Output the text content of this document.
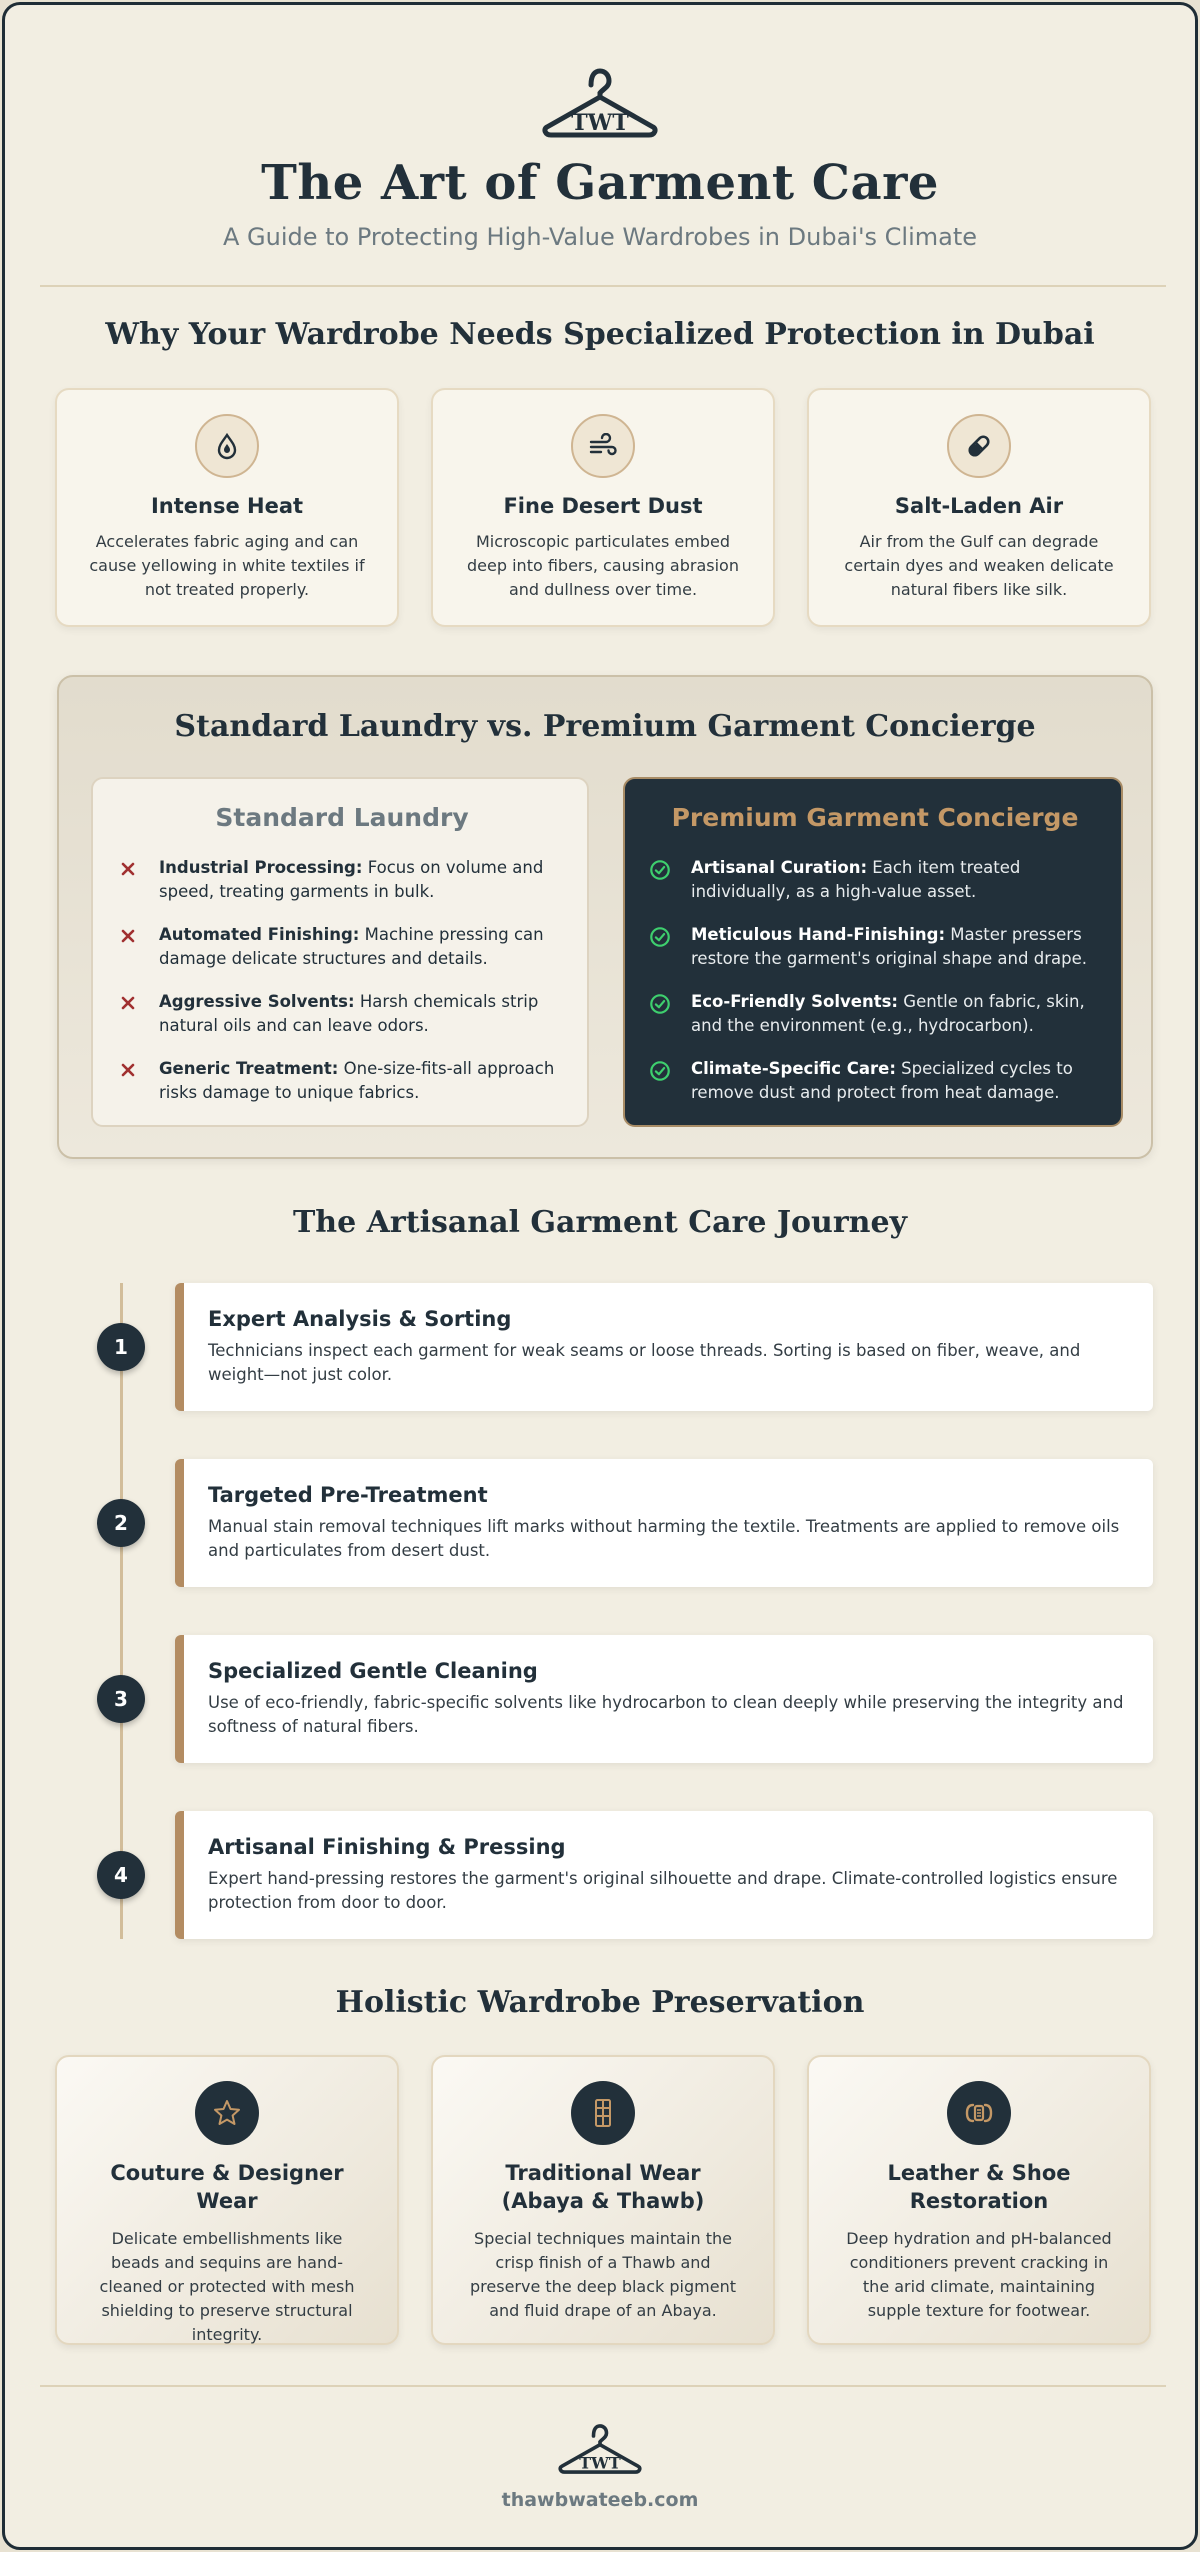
TWT
The Art of Garment Care
A Guide to Protecting High-Value Wardrobes in Dubai's Climate
Why Your Wardrobe Needs Specialized Protection in Dubai
Intense Heat
Accelerates fabric aging and can cause yellowing in white textiles if not treated properly.
Fine Desert Dust
Microscopic particulates embed deep into fibers, causing abrasion and dullness over time.
Salt-Laden Air
Air from the Gulf can degrade certain dyes and weaken delicate natural fibers like silk.
Standard Laundry vs. Premium Garment Concierge
Standard Laundry
Industrial Processing: Focus on volume and speed, treating garments in bulk.
Automated Finishing: Machine pressing can damage delicate structures and details.
Aggressive Solvents: Harsh chemicals strip natural oils and can leave odors.
Generic Treatment: One-size-fits-all approach risks damage to unique fabrics.
Premium Garment Concierge
Artisanal Curation: Each item treated individually, as a high-value asset.
Meticulous Hand-Finishing: Master pressers restore the garment's original shape and drape.
Eco-Friendly Solvents: Gentle on fabric, skin, and the environment (e.g., hydrocarbon).
Climate-Specific Care: Specialized cycles to remove dust and protect from heat damage.
The Artisanal Garment Care Journey
1
Expert Analysis & Sorting
Technicians inspect each garment for weak seams or loose threads. Sorting is based on fiber, weave, and weight—not just color.
2
Targeted Pre-Treatment
Manual stain removal techniques lift marks without harming the textile. Treatments are applied to remove oils and particulates from desert dust.
3
Specialized Gentle Cleaning
Use of eco-friendly, fabric-specific solvents like hydrocarbon to clean deeply while preserving the integrity and softness of natural fibers.
4
Artisanal Finishing & Pressing
Expert hand-pressing restores the garment's original silhouette and drape. Climate-controlled logistics ensure protection from door to door.
Holistic Wardrobe Preservation
Couture & Designer Wear
Delicate embellishments like beads and sequins are hand-cleaned or protected with mesh shielding to preserve structural integrity.
Traditional Wear (Abaya & Thawb)
Special techniques maintain the crisp finish of a Thawb and preserve the deep black pigment and fluid drape of an Abaya.
Leather & Shoe Restoration
Deep hydration and pH-balanced conditioners prevent cracking in the arid climate, maintaining supple texture for footwear.
TWT
thawbwateeb.com
